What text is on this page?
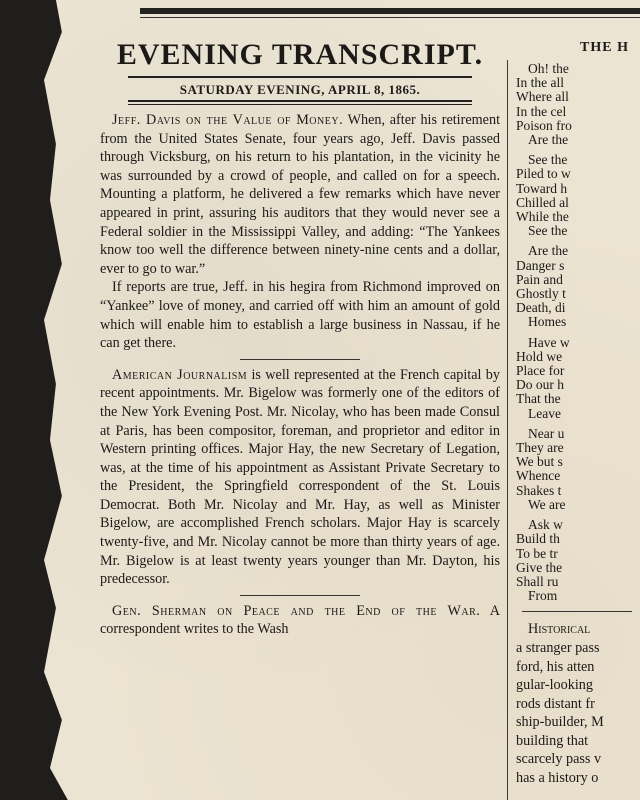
EVENING TRANSCRIPT.
SATURDAY EVENING, APRIL 8, 1865.

Jeff. Davis on the Value of Money. When, after his retirement from the United States Senate, four years ago, Jeff. Davis passed through Vicksburg, on his return to his plantation, in the vicinity he was surrounded by a crowd of people, and called on for a speech. Mounting a platform, he delivered a few remarks which have never appeared in print, assuring his auditors that they would never see a Federal soldier in the Mississippi Valley, and adding: “The Yankees know too well the difference between ninety-nine cents and a dollar, ever to go to war.”

If reports are true, Jeff. in his hegira from Richmond improved on “Yankee” love of money, and carried off with him an amount of gold which will enable him to establish a large business in Nassau, if he can get there.

American Journalism is well represented at the French capital by recent appointments. Mr. Bigelow was formerly one of the editors of the New York Evening Post. Mr. Nicolay, who has been made Consul at Paris, has been compositor, foreman, and proprietor and editor in Western printing offices. Major Hay, the new Secretary of Legation, was, at the time of his appointment as Assistant Private Secretary to the President, the Springfield correspondent of the St. Louis Democrat. Both Mr. Nicolay and Mr. Hay, as well as Minister Bigelow, are accomplished French scholars. Major Hay is scarcely twenty-five, and Mr. Nicolay cannot be more than thirty years of age. Mr. Bigelow is at least twenty years younger than Mr. Dayton, his predecessor.

Gen. Sherman on Peace and the End of the War. A correspondent writes to the Wash

THE H
Oh! the
In the all
Where all
In the cel
Poison fro
Are the
See the
Piled to w
Toward h
Chilled al
While the
See the
Are the
Danger s
Pain and
Ghostly t
Death, di
Homes
Have w
Hold we
Place for
Do our h
That the
Leave
Near u
They are
We but s
Whence
Shakes t
We are
Ask w
Build th
To be tr
Give the
Shall ru
From
Historical
a stranger pass
ford, his atten
gular-looking
rods distant fr
ship-builder, M
building that
scarcely pass v
has a history o
